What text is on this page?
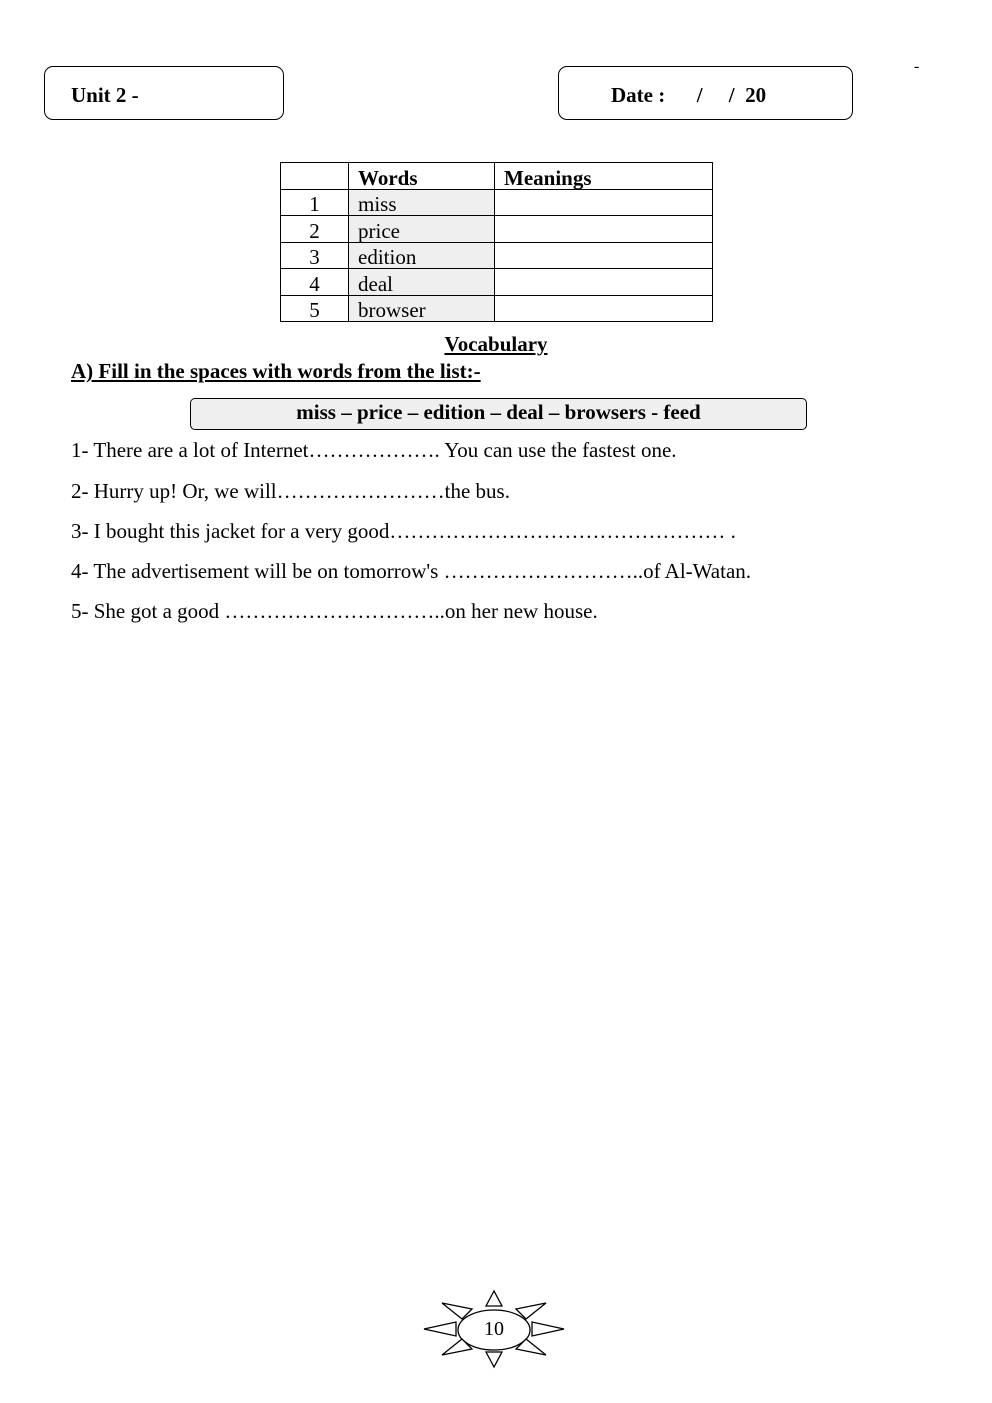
Unit 2 -	Date :      /     /  20
-
	Words	Meanings
1	miss	
2	price	
3	edition	
4	deal	
5	browser	
Vocabulary
A) Fill in the spaces with words from the list:-
miss – price – edition – deal – browsers - feed
1- There are a lot of Internet………………. You can use the fastest one.
2- Hurry up! Or, we will……………………the bus.
3- I bought this jacket for a very good………………………………………… .
4- The advertisement will be on tomorrow's ………………………..of Al-Watan.
5- She got a good …………………………..on her new house.
10
